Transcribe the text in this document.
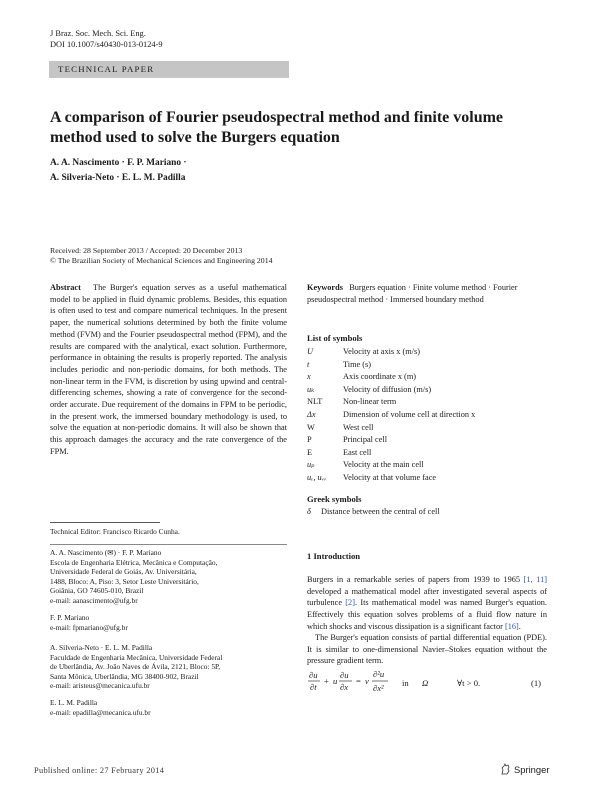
J Braz. Soc. Mech. Sci. Eng.
DOI 10.1007/s40430-013-0124-9
TECHNICAL PAPER
A comparison of Fourier pseudospectral method and finite volume method used to solve the Burgers equation
A. A. Nascimento · F. P. Mariano ·
A. Silveria-Neto · E. L. M. Padilla
Received: 28 September 2013 / Accepted: 20 December 2013
© The Brazilian Society of Mechanical Sciences and Engineering 2014
Abstract The Burger's equation serves as a useful mathematical model to be applied in fluid dynamic problems. Besides, this equation is often used to test and compare numerical techniques. In the present paper, the numerical solutions determined by both the finite volume method (FVM) and the Fourier pseudospectral method (FPM), and the results are compared with the analytical, exact solution. Furthermore, performance in obtaining the results is properly reported. The analysis includes periodic and non-periodic domains, for both methods. The non-linear term in the FVM, is discretion by using upwind and central-differencing schemes, showing a rate of convergence for the second-order accurate. Due requirement of the domains in FPM to be periodic, in the present work, the immersed boundary methodology is used, to solve the equation at non-periodic domains. It will also be shown that this approach damages the accuracy and the rate convergence of the FPM.
Technical Editor: Francisco Ricardo Cunha.
A. A. Nascimento (✉) · F. P. Mariano
Escola de Engenharia Elétrica, Mecânica e Computação,
Universidade Federal de Goiás, Av. Universitária,
1488, Bloco: A, Piso: 3, Setor Leste Universitário,
Goiânia, GO 74605-010, Brazil
e-mail: aanascimento@ufg.br
F. P. Mariano
e-mail: fpmariano@ufg.br
A. Silveria-Neto · E. L. M. Padilla
Faculdade de Engenharia Mecânica, Universidade Federal
de Uberlândia, Av. João Naves de Ávila, 2121, Bloco: 5P,
Santa Mônica, Uberlândia, MG 38400-902, Brazil
e-mail: aristeus@mecanica.ufu.br
E. L. M. Padilla
e-mail: epadilla@mecanica.ufu.br
Keywords Burgers equation · Finite volume method · Fourier pseudospectral method · Immersed boundary method
List of symbols
U	Velocity at axis x (m/s)
t	Time (s)
x	Axis coordinate x (m)
uₖ	Velocity of diffusion (m/s)
NLT Non-linear term
Δx	Dimension of volume cell at direction x
W	West cell
P	Principal cell
E	East cell
uₚ	Velocity at the main cell
uₑ, uᵥᵥ Velocity at that volume face
Greek symbols
δ Distance between the central of cell
1 Introduction
Burgers in a remarkable series of papers from 1939 to 1965 [1, 11] developed a mathematical model after investigated several aspects of turbulence [2]. Its mathematical model was named Burger's equation. Effectively this equation solves problems of a fluid flow nature in which shocks and viscous dissipation is a significant factor [16].
The Burger's equation consists of partial differential equation (PDE). It is similar to one-dimensional Navier–Stokes equation without the pressure gradient term.
∂u
∂t
+ u
∂u
∂x
= ν
∂²u
∂x² in Ω	∀t > 0.	(1)
Published online: 27 February 2014	Springer
